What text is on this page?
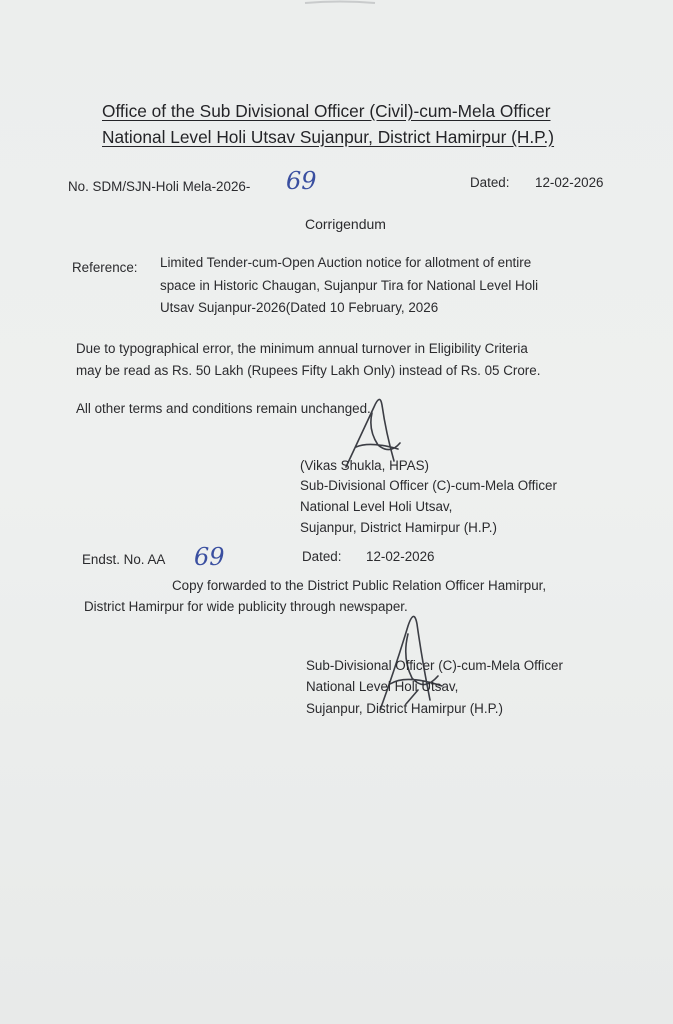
Office of the Sub Divisional Officer (Civil)-cum-Mela Officer
National Level Holi Utsav Sujanpur, District Hamirpur (H.P.)
No. SDM/SJN-Holi Mela-2026- 69	Dated: 12-02-2026
Corrigendum
Reference: Limited Tender-cum-Open Auction notice for allotment of entire
space in Historic Chaugan, Sujanpur Tira for National Level Holi
Utsav Sujanpur-2026(Dated 10 February, 2026
Due to typographical error, the minimum annual turnover in Eligibility Criteria
may be read as Rs. 50 Lakh (Rupees Fifty Lakh Only) instead of Rs. 05 Crore.
All other terms and conditions remain unchanged.
(Vikas Shukla, HPAS)
Sub-Divisional Officer (C)-cum-Mela Officer
National Level Holi Utsav,
Sujanpur, District Hamirpur (H.P.)
Endst. No. AA 69	Dated: 12-02-2026
Copy forwarded to the District Public Relation Officer Hamirpur,
District Hamirpur for wide publicity through newspaper.
Sub-Divisional Officer (C)-cum-Mela Officer
National Level Holi Utsav,
Sujanpur, District Hamirpur (H.P.)
